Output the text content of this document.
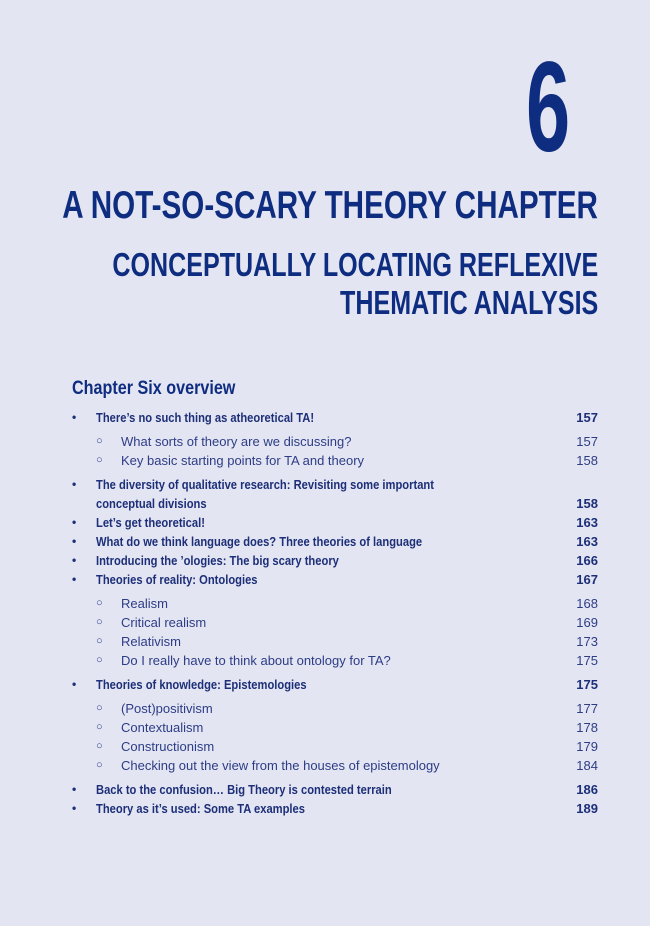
6
A NOT-SO-SCARY THEORY CHAPTER
CONCEPTUALLY LOCATING REFLEXIVE
THEMATIC ANALYSIS
Chapter Six overview
• There’s no such thing as atheoretical TA!	157
○ What sorts of theory are we discussing?	157
○ Key basic starting points for TA and theory	158
• The diversity of qualitative research: Revisiting some important
conceptual divisions	158
• Let’s get theoretical!	163
• What do we think language does? Three theories of language	163
• Introducing the ’ologies: The big scary theory	166
• Theories of reality: Ontologies	167
○ Realism	168
○ Critical realism	169
○ Relativism	173
○ Do I really have to think about ontology for TA?	175
• Theories of knowledge: Epistemologies	175
○ (Post)positivism	177
○ Contextualism	178
○ Constructionism	179
○ Checking out the view from the houses of epistemology	184
• Back to the confusion… Big Theory is contested terrain	186
• Theory as it’s used: Some TA examples	189
